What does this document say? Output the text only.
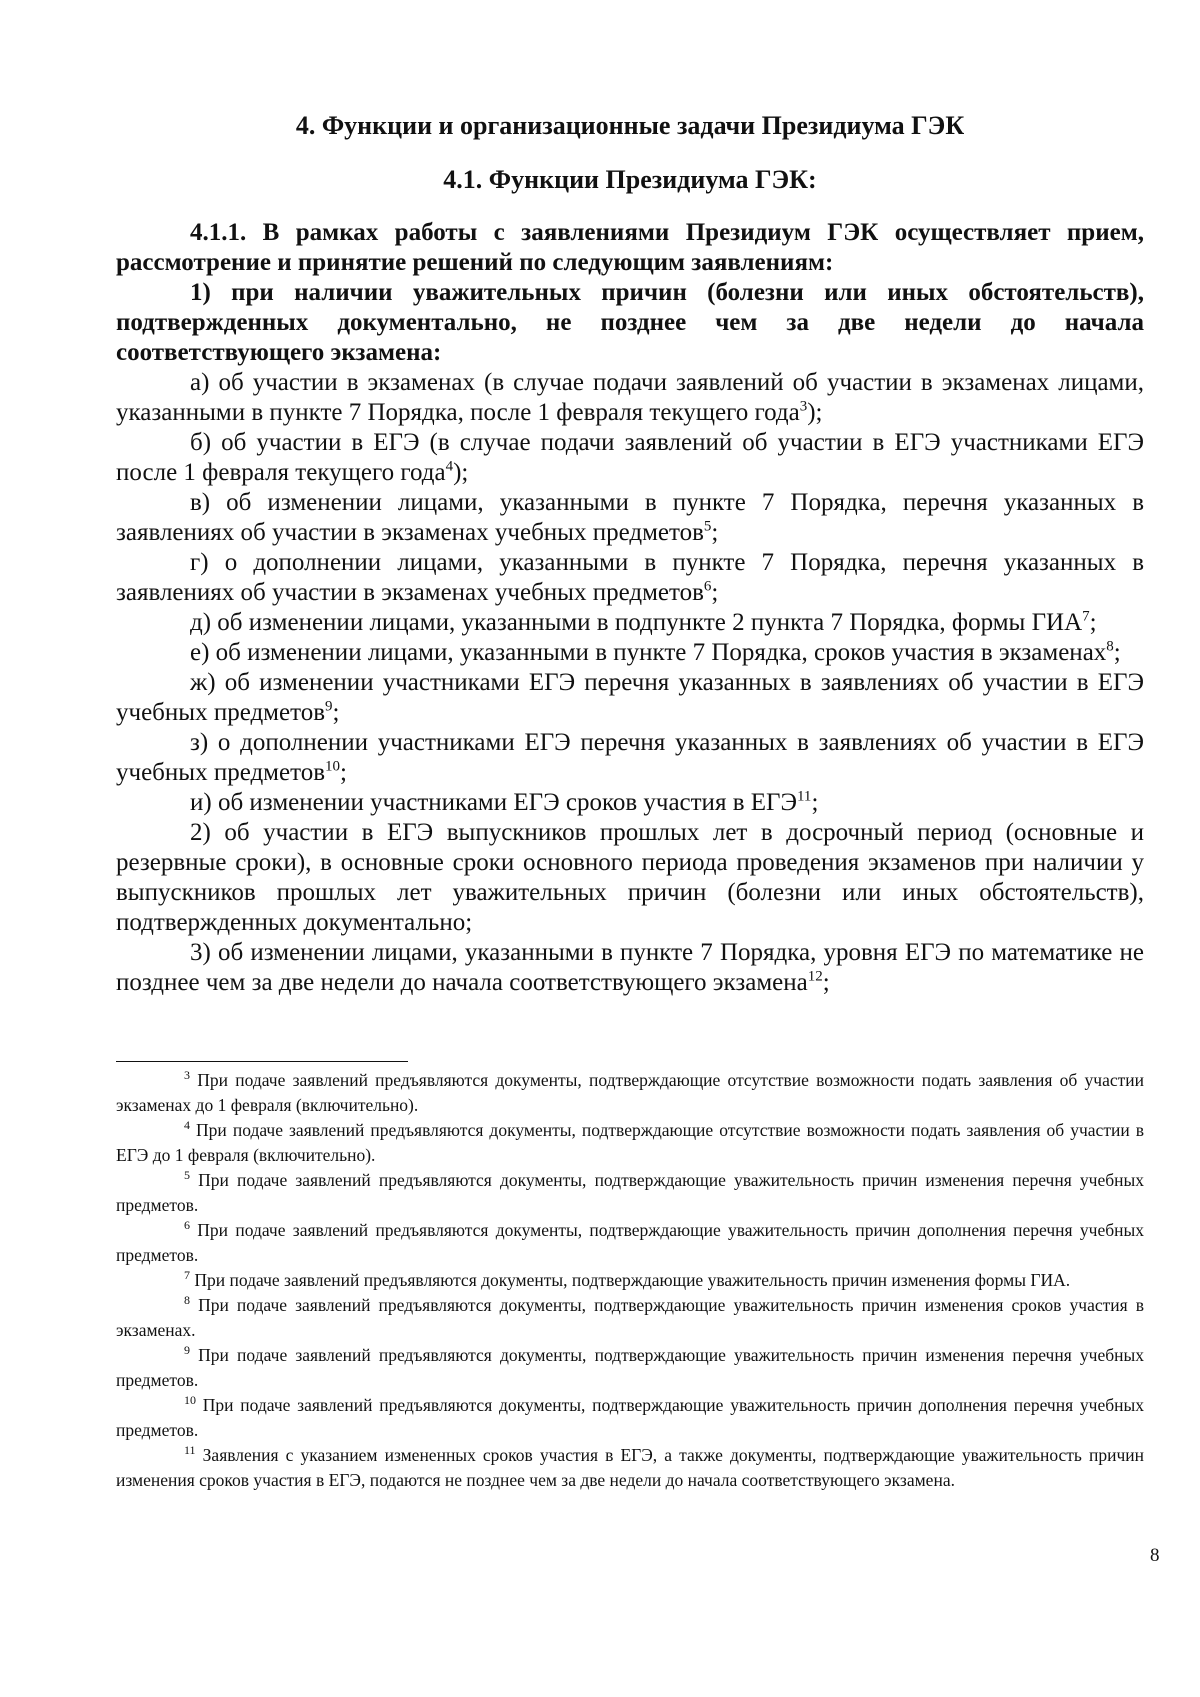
4. Функции и организационные задачи Президиума ГЭК
4.1. Функции Президиума ГЭК:

4.1.1. В рамках работы с заявлениями Президиум ГЭК осуществляет прием, рассмотрение и принятие решений по следующим заявлениям:

1) при наличии уважительных причин (болезни или иных обстоятельств), подтвержденных документально, не позднее чем за две недели до начала соответствующего экзамена:

а) об участии в экзаменах (в случае подачи заявлений об участии в экзаменах лицами, указанными в пункте 7 Порядка, после 1 февраля текущего года$^3$);

б) об участии в ЕГЭ (в случае подачи заявлений об участии в ЕГЭ участниками ЕГЭ после 1 февраля текущего года$^4$);

в) об изменении лицами, указанными в пункте 7 Порядка, перечня указанных в заявлениях об участии в экзаменах учебных предметов$^5$;

г) о дополнении лицами, указанными в пункте 7 Порядка, перечня указанных в заявлениях об участии в экзаменах учебных предметов$^6$;

д) об изменении лицами, указанными в подпункте 2 пункта 7 Порядка, формы ГИА$^7$;

е) об изменении лицами, указанными в пункте 7 Порядка, сроков участия в экзаменах$^8$;

ж) об изменении участниками ЕГЭ перечня указанных в заявлениях об участии в ЕГЭ учебных предметов$^9$;

з) о дополнении участниками ЕГЭ перечня указанных в заявлениях об участии в ЕГЭ учебных предметов$^{10}$;

и) об изменении участниками ЕГЭ сроков участия в ЕГЭ$^{11}$;

2) об участии в ЕГЭ выпускников прошлых лет в досрочный период (основные и резервные сроки), в основные сроки основного периода проведения экзаменов при наличии у выпускников прошлых лет уважительных причин (болезни или иных обстоятельств), подтвержденных документально;

3) об изменении лицами, указанными в пункте 7 Порядка, уровня ЕГЭ по математике не позднее чем за две недели до начала соответствующего экзамена$^{12}$;

$^3$ При подаче заявлений предъявляются документы, подтверждающие отсутствие возможности подать заявления об участии экзаменах до 1 февраля (включительно).

$^4$ При подаче заявлений предъявляются документы, подтверждающие отсутствие возможности подать заявления об участии в ЕГЭ до 1 февраля (включительно).

$^5$ При подаче заявлений предъявляются документы, подтверждающие уважительность причин изменения перечня учебных предметов.

$^6$ При подаче заявлений предъявляются документы, подтверждающие уважительность причин дополнения перечня учебных предметов.

$^7$ При подаче заявлений предъявляются документы, подтверждающие уважительность причин изменения формы ГИА.

$^8$ При подаче заявлений предъявляются документы, подтверждающие уважительность причин изменения сроков участия в экзаменах.

$^9$ При подаче заявлений предъявляются документы, подтверждающие уважительность причин изменения перечня учебных предметов.

$^{10}$ При подаче заявлений предъявляются документы, подтверждающие уважительность причин дополнения перечня учебных предметов.

$^{11}$ Заявления с указанием измененных сроков участия в ЕГЭ, а также документы, подтверждающие уважительность причин изменения сроков участия в ЕГЭ, подаются не позднее чем за две недели до начала соответствующего экзамена.

8
